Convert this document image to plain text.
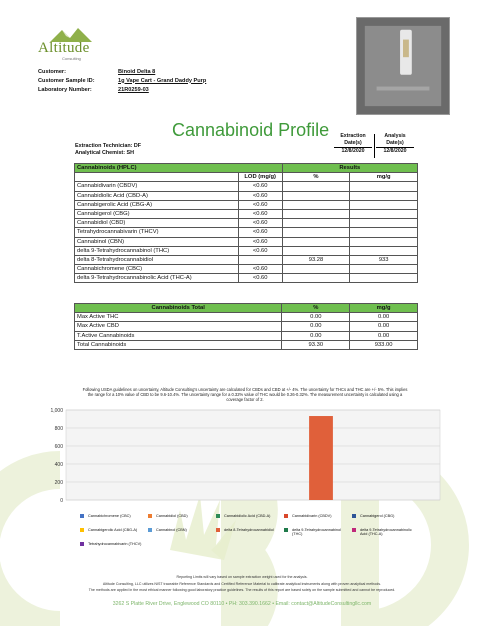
Altitude
Consulting
Customer:	Binoid Delta 8
Customer Sample ID:	1g Vape Cart - Grand Daddy Purp
Laboratory Number:	21R0259-03
Cannabinoid Profile
Extraction Technician: DF
Analytical Chemist: SH
Extraction Date(s)
12/8/2020
Analysis Date(s)
12/8/2020
Cannabinoids (HPLC)		Results	
	LOD (mg/g)	%	mg/g
Cannabidivarin (CBDV)	<0.60		
Cannabidiolic Acid (CBD-A)	<0.60		
Cannabigerolic Acid (CBG-A)	<0.60		
Cannabigerol (CBG)	<0.60		
Cannabidiol (CBD)	<0.60		
Tetrahydrocannabivarin (THCV)	<0.60		
Cannabinol (CBN)	<0.60		
delta 9-Tetrahydrocannabinol (THC)	<0.60		
delta 8-Tetrahydrocannabidiol		93.28	933
Cannabichromene (CBC)	<0.60		
delta 9-Tetrahydrocannabinolic Acid (THC-A)	<0.60		
Cannabinoids Total	%	mg/g
Max Active THC	0.00	0.00
Max Active CBD	0.00	0.00
T.Active Cannabinoids	0.00	0.00
Total Cannabinoids	93.30	933.00
Following USDA guidelines on uncertainty, Altitude Consulting's uncertainty are calculated for CBDs and CBD at +/- 4%. The uncertainty for THCs and THC are +/- 5%. This implies the range for a 10% value of CBD to be 9.6-10.4%. The uncertainty range for a 0.32% value of THC would be 0.26-0.32%. The measurement uncertainty is calculated using a coverage factor of 2.
0
200
400
600
800
1,000
Cannabichromene (CBC)	Cannabidiol (CBD)	Cannabidiolic Acid (CBD-A)	Cannabidivarin (CBDV)	Cannabigerol (CBG)
Cannabigerolic Acid (CBG-A)	Cannabinol (CBN)	delta 8-Tetrahydrocannabidiol	delta 9-Tetrahydrocannabinol (THC)
delta 9-Tetrahydrocannabinolic Acid (THC-A)
Tetrahydrocannabivarin (THCV)
Reporting Limits will vary based on sample extraction weight used for the analysis.
Altitude Consulting, LLC utilizes NIST traceable Reference Standards and Certified Reference Material to calibrate analytical instruments along with proven analytical methods.
The methods are applied in the most ethical manner following good laboratory practice guidelines. The results of this report are based solely on the sample submitted and cannot be reproduced.
3262 S Platte River Drive, Englewood CO 80110 • PH: 303.390.1662 • Email: contact@AltitudeConsultingllc.com
